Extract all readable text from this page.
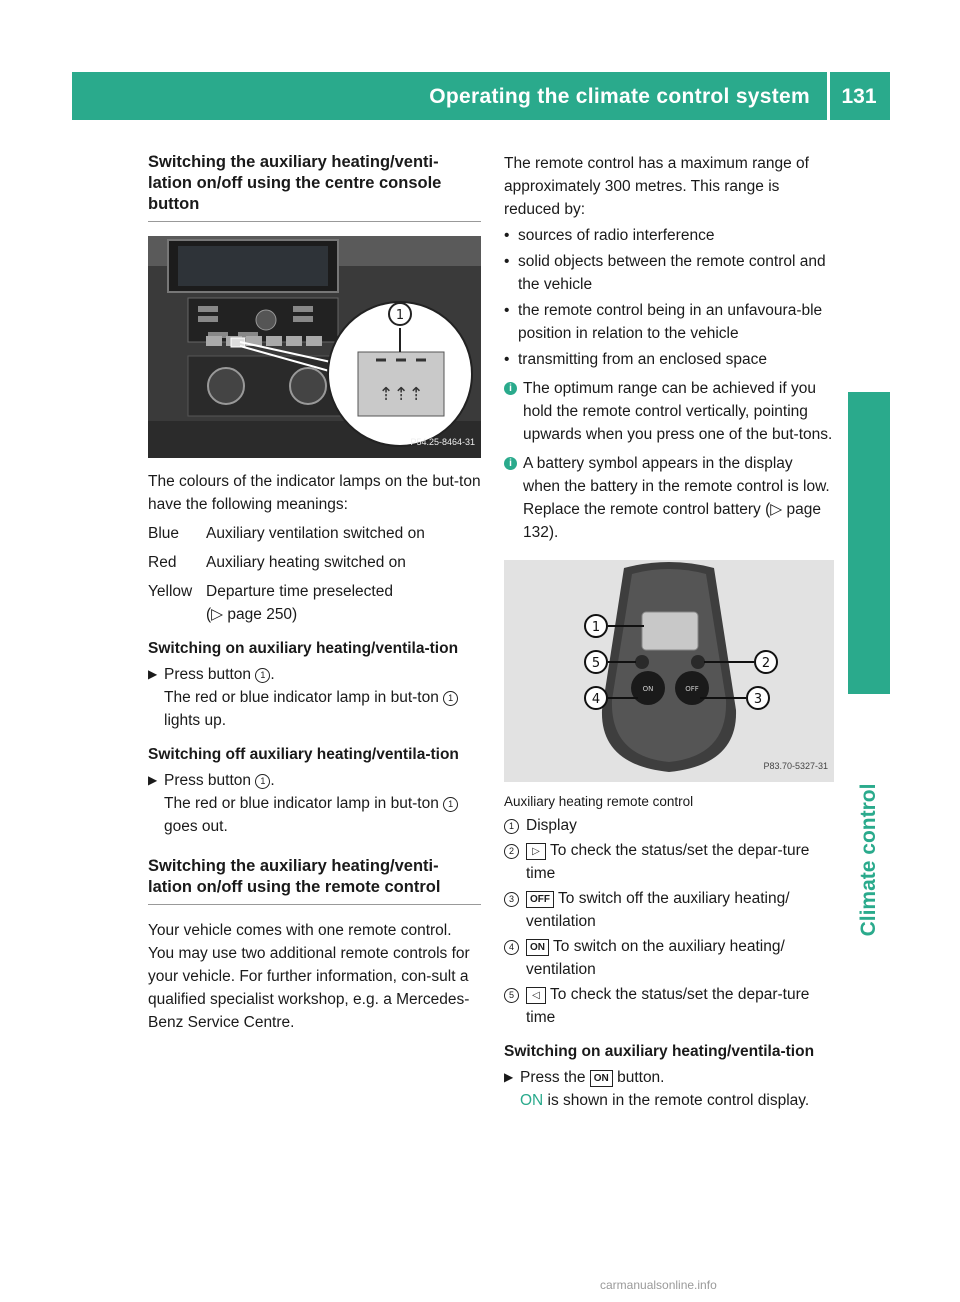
Operating the climate control system	131
Climate control
Switching the auxiliary heating/venti-lation on/off using the centre console button
⇡⇡⇡
1
P54.25-8464-31

The colours of the indicator lamps on the but-ton have the following meanings:

Blue	Auxiliary ventilation switched on
Red	Auxiliary heating switched on
Yellow Departure time preselected
(▷ page 250)
Switching on auxiliary heating/ventila-tion
▶ Press button 1 .
The red or blue indicator lamp in but-ton 1 lights up.
Switching off auxiliary heating/ventila-tion
▶ Press button 1 .
The red or blue indicator lamp in but-ton 1 goes out.
Switching the auxiliary heating/venti-lation on/off using the remote control

Your vehicle comes with one remote control. You may use two additional remote controls for your vehicle. For further information, con-sult a qualified specialist workshop, e.g. a Mercedes-Benz Service Centre.

The remote control has a maximum range of approximately 300 metres. This range is reduced by:

• sources of radio interference
• solid objects between the remote control and the vehicle
• the remote control being in an unfavoura-ble position in relation to the vehicle
• transmitting from an enclosed space
i The optimum range can be achieved if you hold the remote control vertically, pointing upwards when you press one of the but-tons.
i A battery symbol appears in the display when the battery in the remote control is low. Replace the remote control battery (▷ page 132).
ON	OFF
1
2
3
4
5
P83.70-5327-31
Auxiliary heating remote control
1 Display
2	▷ To check the status/set the depar-ture time
3	OFF To switch off the auxiliary heating/ ventilation
4	ON To switch on the auxiliary heating/ ventilation
5	◁ To check the status/set the depar-ture time
Switching on auxiliary heating/ventila-tion
▶ Press the ON button.
ON is shown in the remote control display.
carmanualsonline.info
